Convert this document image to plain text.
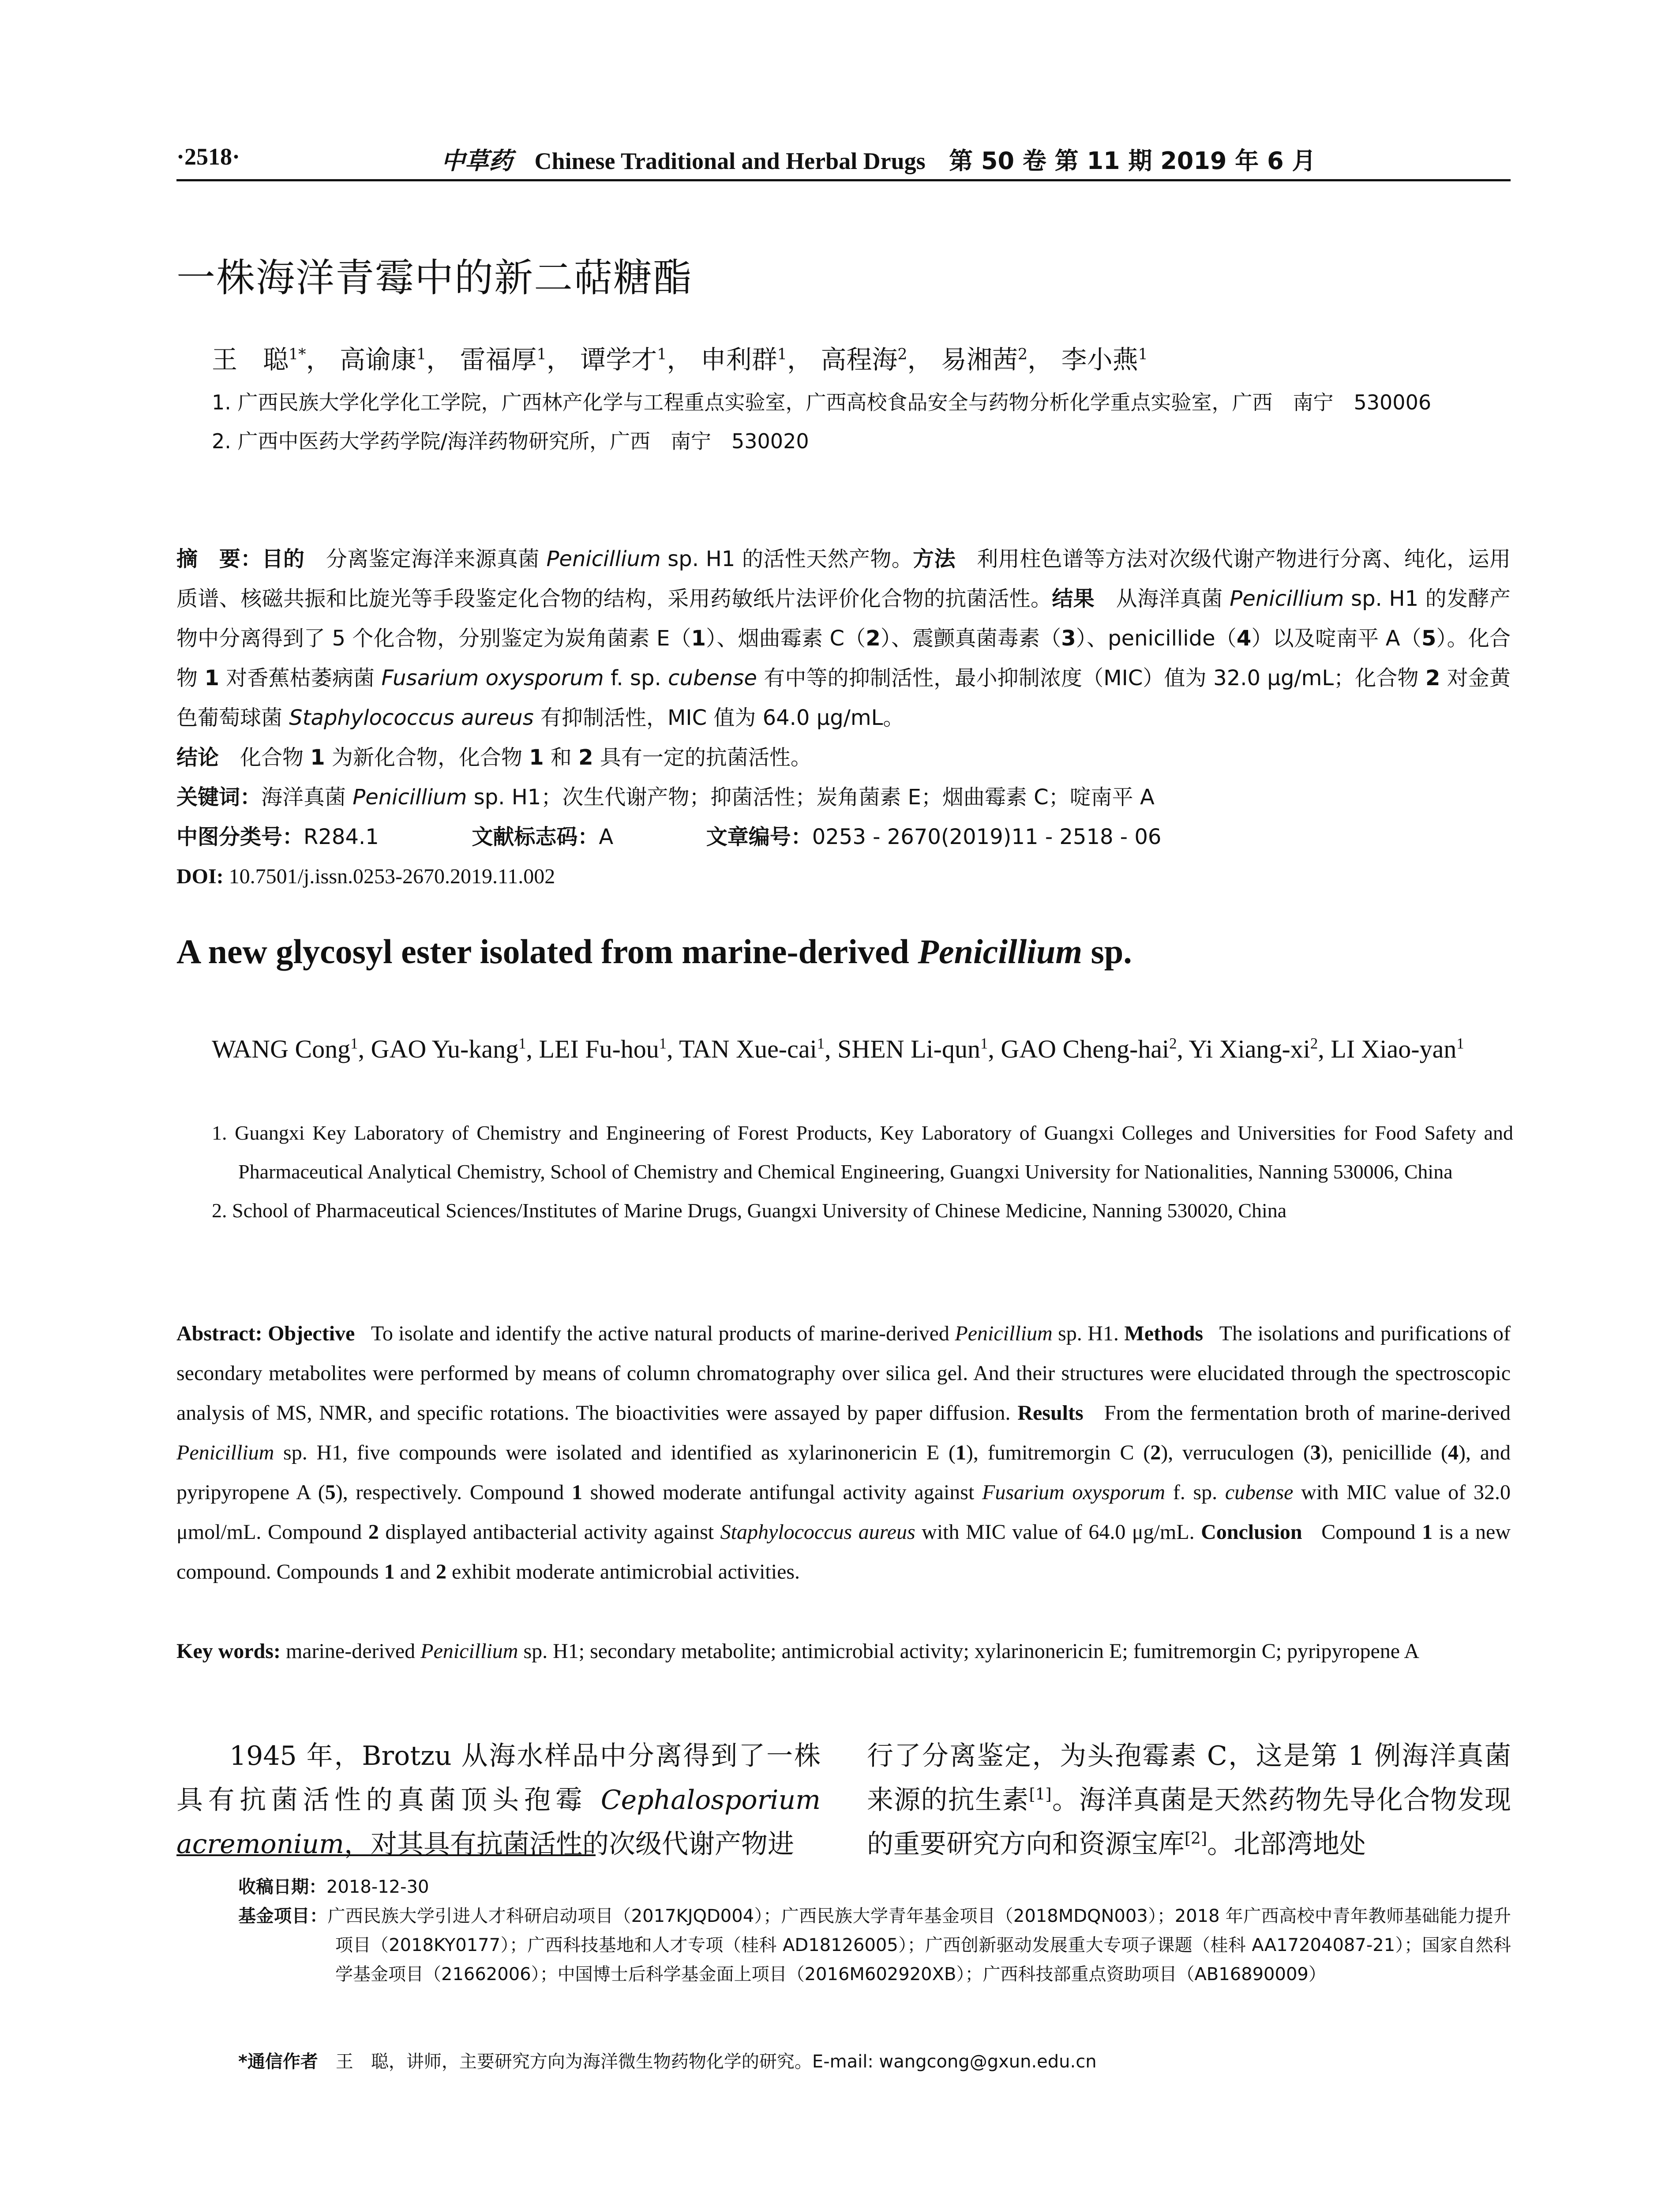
·2518·	中草药 Chinese Traditional and Herbal Drugs 第 50 卷 第 11 期 2019 年 6 月
一株海洋青霉中的新二萜糖酯
王　聪$^{1*}$， 高谕康$^1$， 雷福厚$^1$， 谭学才$^1$， 申利群$^1$， 高程海$^2$， 易湘茜$^2$， 李小燕$^1$
1. 广西民族大学化学化工学院，广西林产化学与工程重点实验室，广西高校食品安全与药物分析化学重点实验室，广西　南宁　530006
2. 广西中医药大学药学院/海洋药物研究所，广西　南宁　530020
摘　要：目的　 分离鉴定海洋来源真菌 Penicillium sp. H1 的活性天然产物。方法　 利用柱色谱等方法对次级代谢产物进行分离、纯化，运用质谱、核磁共振和比旋光等手段鉴定化合物的结构，采用药敏纸片法评价化合物的抗菌活性。结果　 从海洋真菌 Penicillium sp. H1 的发酵产物中分离得到了 5 个化合物，分别鉴定为炭角菌素 E（1）、烟曲霉素 C（2）、震颤真菌毒素（3）、penicillide（4）以及啶南平 A（5）。化合物 1 对香蕉枯萎病菌 Fusarium oxysporum f. sp. cubense 有中等的抑制活性，最小抑制浓度（MIC）值为 32.0 μg/mL；化合物 2 对金黄色葡萄球菌 Staphylococcus aureus 有抑制活性，MIC 值为 64.0 μg/mL。
结论　 化合物 1 为新化合物，化合物 1 和 2 具有一定的抗菌活性。
关键词：海洋真菌 Penicillium sp. H1；次生代谢产物；抑菌活性；炭角菌素 E；烟曲霉素 C；啶南平 A
中图分类号：R284.1	文献标志码：A	文章编号：0253 - 2670(2019)11 - 2518 - 06
DOI: 10.7501/j.issn.0253-2670.2019.11.002
A new glycosyl ester isolated from marine-derived Penicillium sp.
WANG Cong$^1$, GAO Yu-kang$^1$, LEI Fu-hou$^1$, TAN Xue-cai$^1$, SHEN Li-qun$^1$, GAO Cheng-hai$^2$, Yi Xiang-$xi^2$, LI Xiao-yan$^1$
1. Guangxi Key Laboratory of Chemistry and Engineering of Forest Products, Key Laboratory of Guangxi Colleges and Universities for Food Safety and Pharmaceutical Analytical Chemistry, School of Chemistry and Chemical Engineering, Guangxi University for Nationalities, Nanning 530006, China
2. School of Pharmaceutical Sciences/Institutes of Marine Drugs, Guangxi University of Chinese Medicine, Nanning 530020, China
Abstract: Objective To isolate and identify the active natural products of marine-derived Penicillium sp. H1. Methods The isolations and purifications of secondary metabolites were performed by means of column chromatography over silica gel. And their structures were elucidated through the spectroscopic analysis of MS, NMR, and specific rotations. The bioactivities were assayed by paper diffusion. Results From the fermentation broth of marine-derived Penicillium sp. H1, five compounds were isolated and identified as xylarinonericin E (1), fumitremorgin C (2), verruculogen (3), penicillide (4), and pyripyropene A (5), respectively. Compound 1 showed moderate antifungal activity against Fusarium oxysporum f. sp. cubense with MIC value of 32.0 μmol/mL. Compound 2 displayed antibacterial activity against Staphylococcus aureus with MIC value of 64.0 μg/mL. Conclusion Compound 1 is a new compound. Compounds 1 and 2 exhibit moderate antimicrobial activities.
Key words: marine-derived Penicillium sp. H1; secondary metabolite; antimicrobial activity; xylarinonericin E; fumitremorgin C; pyripyropene A
1945 年，Brotzu 从海水样品中分离得到了一株具有抗菌活性的真菌顶头孢霉 Cephalosporium acremonium，对其具有抗菌活性的次级代谢产物进
行了分离鉴定，为头孢霉素 C，这是第 1 例海洋真菌来源的抗生素[1]。海洋真菌是天然药物先导化合物发现的重要研究方向和资源宝库[2]。北部湾地处
收稿日期：2018-12-30
基金项目：广西民族大学引进人才科研启动项目（2017KJQD004）；广西民族大学青年基金项目（2018MDQN003）；2018 年广西高校中青年教师基础能力提升项目（2018KY0177）；广西科技基地和人才专项（桂科 AD18126005）；广西创新驱动发展重大专项子课题（桂科 AA17204087-21）；国家自然科学基金项目（21662006）；中国博士后科学基金面上项目（2016M602920XB）；广西科技部重点资助项目（AB16890009）
*通信作者　 王　聪，讲师，主要研究方向为海洋微生物药物化学的研究。E-mail: wangcong@gxun.edu.cn
